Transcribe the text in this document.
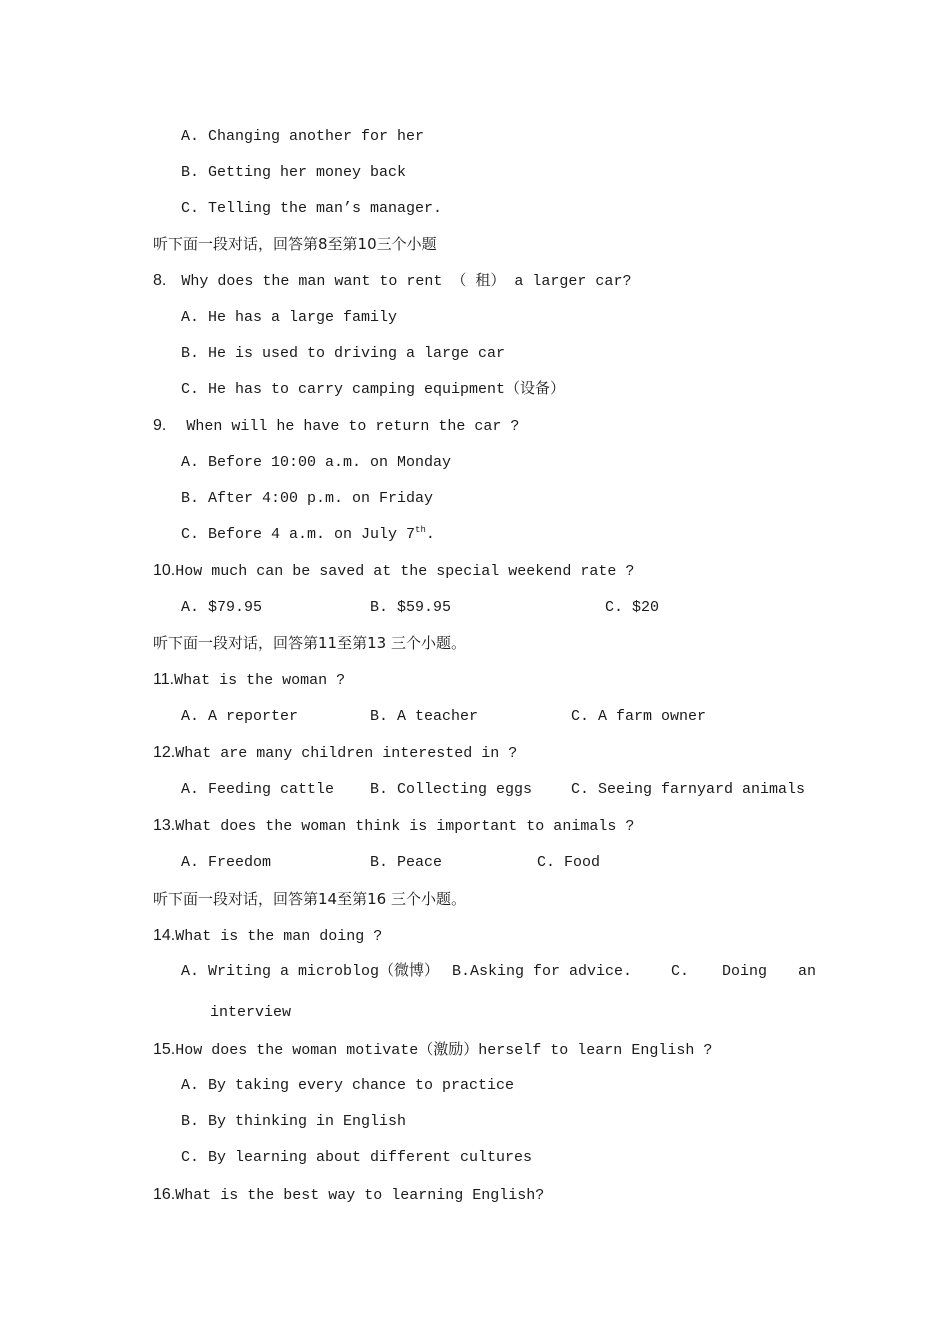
A. Changing another for her
B. Getting her money back
C. Telling the man’s manager.
听下面一段对话，回答第8至第10三个小题
8. Why does the man want to rent （ 租） a larger car?
A. He has a large family
B. He is used to driving a large car
C. He has to carry camping equipment（设备）
9. When will he have to return the car ?
A. Before 10:00 a.m. on Monday
B. After 4:00 p.m. on Friday
C. Before 4 a.m. on July 7th.
10.How much can be saved at the special weekend rate ?
A. $79.95	B. $59.95	C. $20
听下面一段对话，回答第11至第13 三个小题。
11.What is the woman ?
A. A reporter	B. A teacher	C. A farm owner
12.What are many children interested in ?
A. Feeding cattle B. Collecting eggs	C. Seeing farnyard animals
13.What does the woman think is important to animals ?
A. Freedom	B. Peace	C. Food
听下面一段对话，回答第14至第16 三个小题。
14.What is the man doing ?
A. Writing a microblog（微博） B.Asking for advice.	C. Doing an
interview
15.How does the woman motivate（激励）herself to learn English ?
A. By taking every chance to practice
B. By thinking in English
C. By learning about different cultures
16.What is the best way to learning English?
